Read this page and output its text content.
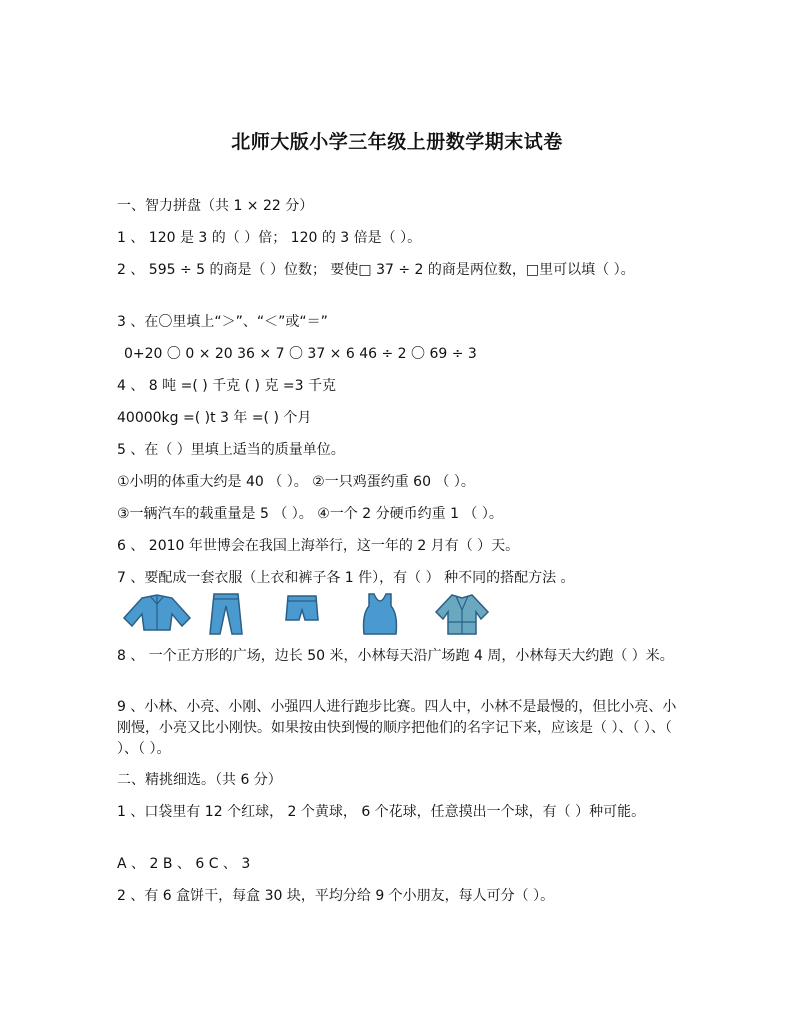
北师大版小学三年级上册数学期末试卷
一、智力拼盘（共 1 × 22 分）
1 、 120 是 3 的（ ）倍； 120 的 3 倍是（ ）。
2 、 595 ÷ 5 的商是（ ）位数； 要使□ 37 ÷ 2 的商是两位数，□里可以填（ ）。
3 、在〇里填上“＞”、“＜”或“＝”
0+20 〇 0 × 20 36 × 7 〇 37 × 6 46 ÷ 2 〇 69 ÷ 3
4 、 8 吨 =( ) 千克 ( ) 克 =3 千克
40000kg =( )t 3 年 =( ) 个月
5 、在（ ）里填上适当的质量单位。
①小明的体重大约是 40 （ ）。 ②一只鸡蛋约重 60 （ ）。
③一辆汽车的载重量是 5 （ ）。 ④一个 2 分硬币约重 1 （ ）。
6 、 2010 年世博会在我国上海举行，这一年的 2 月有（ ）天。
7 、要配成一套衣服（上衣和裤子各 1 件），有（ ） 种不同的搭配方法 。
8 、 一个正方形的广场，边长 50 米，小林每天沿广场跑 4 周，小林每天大约跑（ ）米。
9 、小林、小亮、小刚、小强四人进行跑步比赛。四人中，小林不是最慢的，但比小亮、小刚慢，小亮又比小刚快。如果按由快到慢的顺序把他们的名字记下来，应该是（ ）、（ ）、（ ）、（ ）。
二、精挑细选。（共 6 分）
1 、口袋里有 12 个红球， 2 个黄球， 6 个花球，任意摸出一个球，有（ ）种可能。
A 、 2 B 、 6 C 、 3
2 、有 6 盒饼干，每盒 30 块，平均分给 9 个小朋友，每人可分（ ）。
